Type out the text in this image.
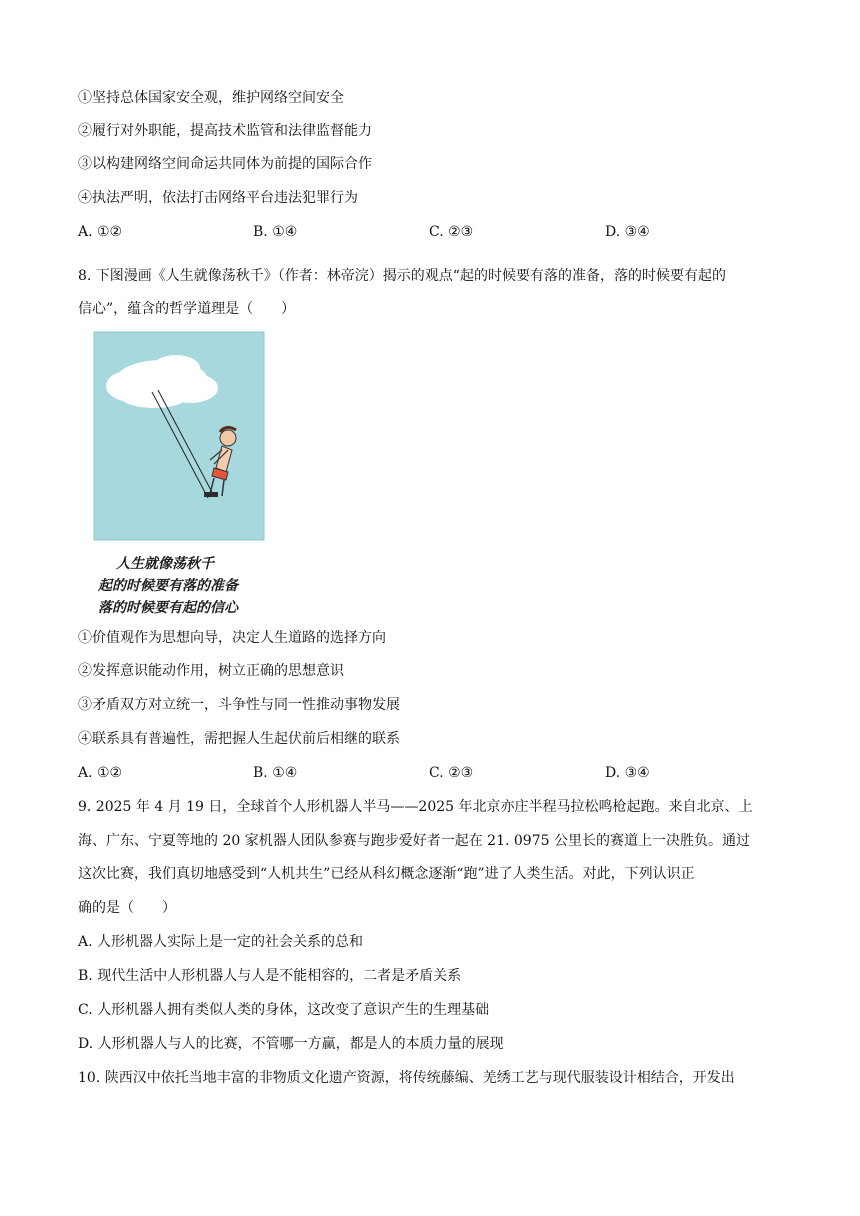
①坚持总体国家安全观，维护网络空间安全
②履行对外职能，提高技术监管和法律监督能力
③以构建网络空间命运共同体为前提的国际合作
④执法严明，依法打击网络平台违法犯罪行为
A. ①②	B. ①④	C. ②③	D. ③④
8. 下图漫画《人生就像荡秋千》（作者：林帝浣）揭示的观点“起的时候要有落的准备，落的时候要有起的
信心”，蕴含的哲学道理是（　　）
人生就像荡秋千
起的时候要有落的准备
落的时候要有起的信心
①价值观作为思想向导，决定人生道路的选择方向
②发挥意识能动作用，树立正确的思想意识
③矛盾双方对立统一，斗争性与同一性推动事物发展
④联系具有普遍性，需把握人生起伏前后相继的联系
A. ①②	B. ①④	C. ②③	D. ③④
9. 2025 年 4 月 19 日，全球首个人形机器人半马——2025 年北京亦庄半程马拉松鸣枪起跑。来自北京、上
海、广东、宁夏等地的 20 家机器人团队参赛与跑步爱好者一起在 21. 0975 公里长的赛道上一决胜负。通过
这次比赛，我们真切地感受到“人机共生”已经从科幻概念逐渐“跑”进了人类生活。对此，下列认识正
确的是（　　）
A. 人形机器人实际上是一定的社会关系的总和
B. 现代生活中人形机器人与人是不能相容的，二者是矛盾关系
C. 人形机器人拥有类似人类的身体，这改变了意识产生的生理基础
D. 人形机器人与人的比赛，不管哪一方赢，都是人的本质力量的展现
10. 陕西汉中依托当地丰富的非物质文化遗产资源，将传统藤编、羌绣工艺与现代服装设计相结合，开发出
